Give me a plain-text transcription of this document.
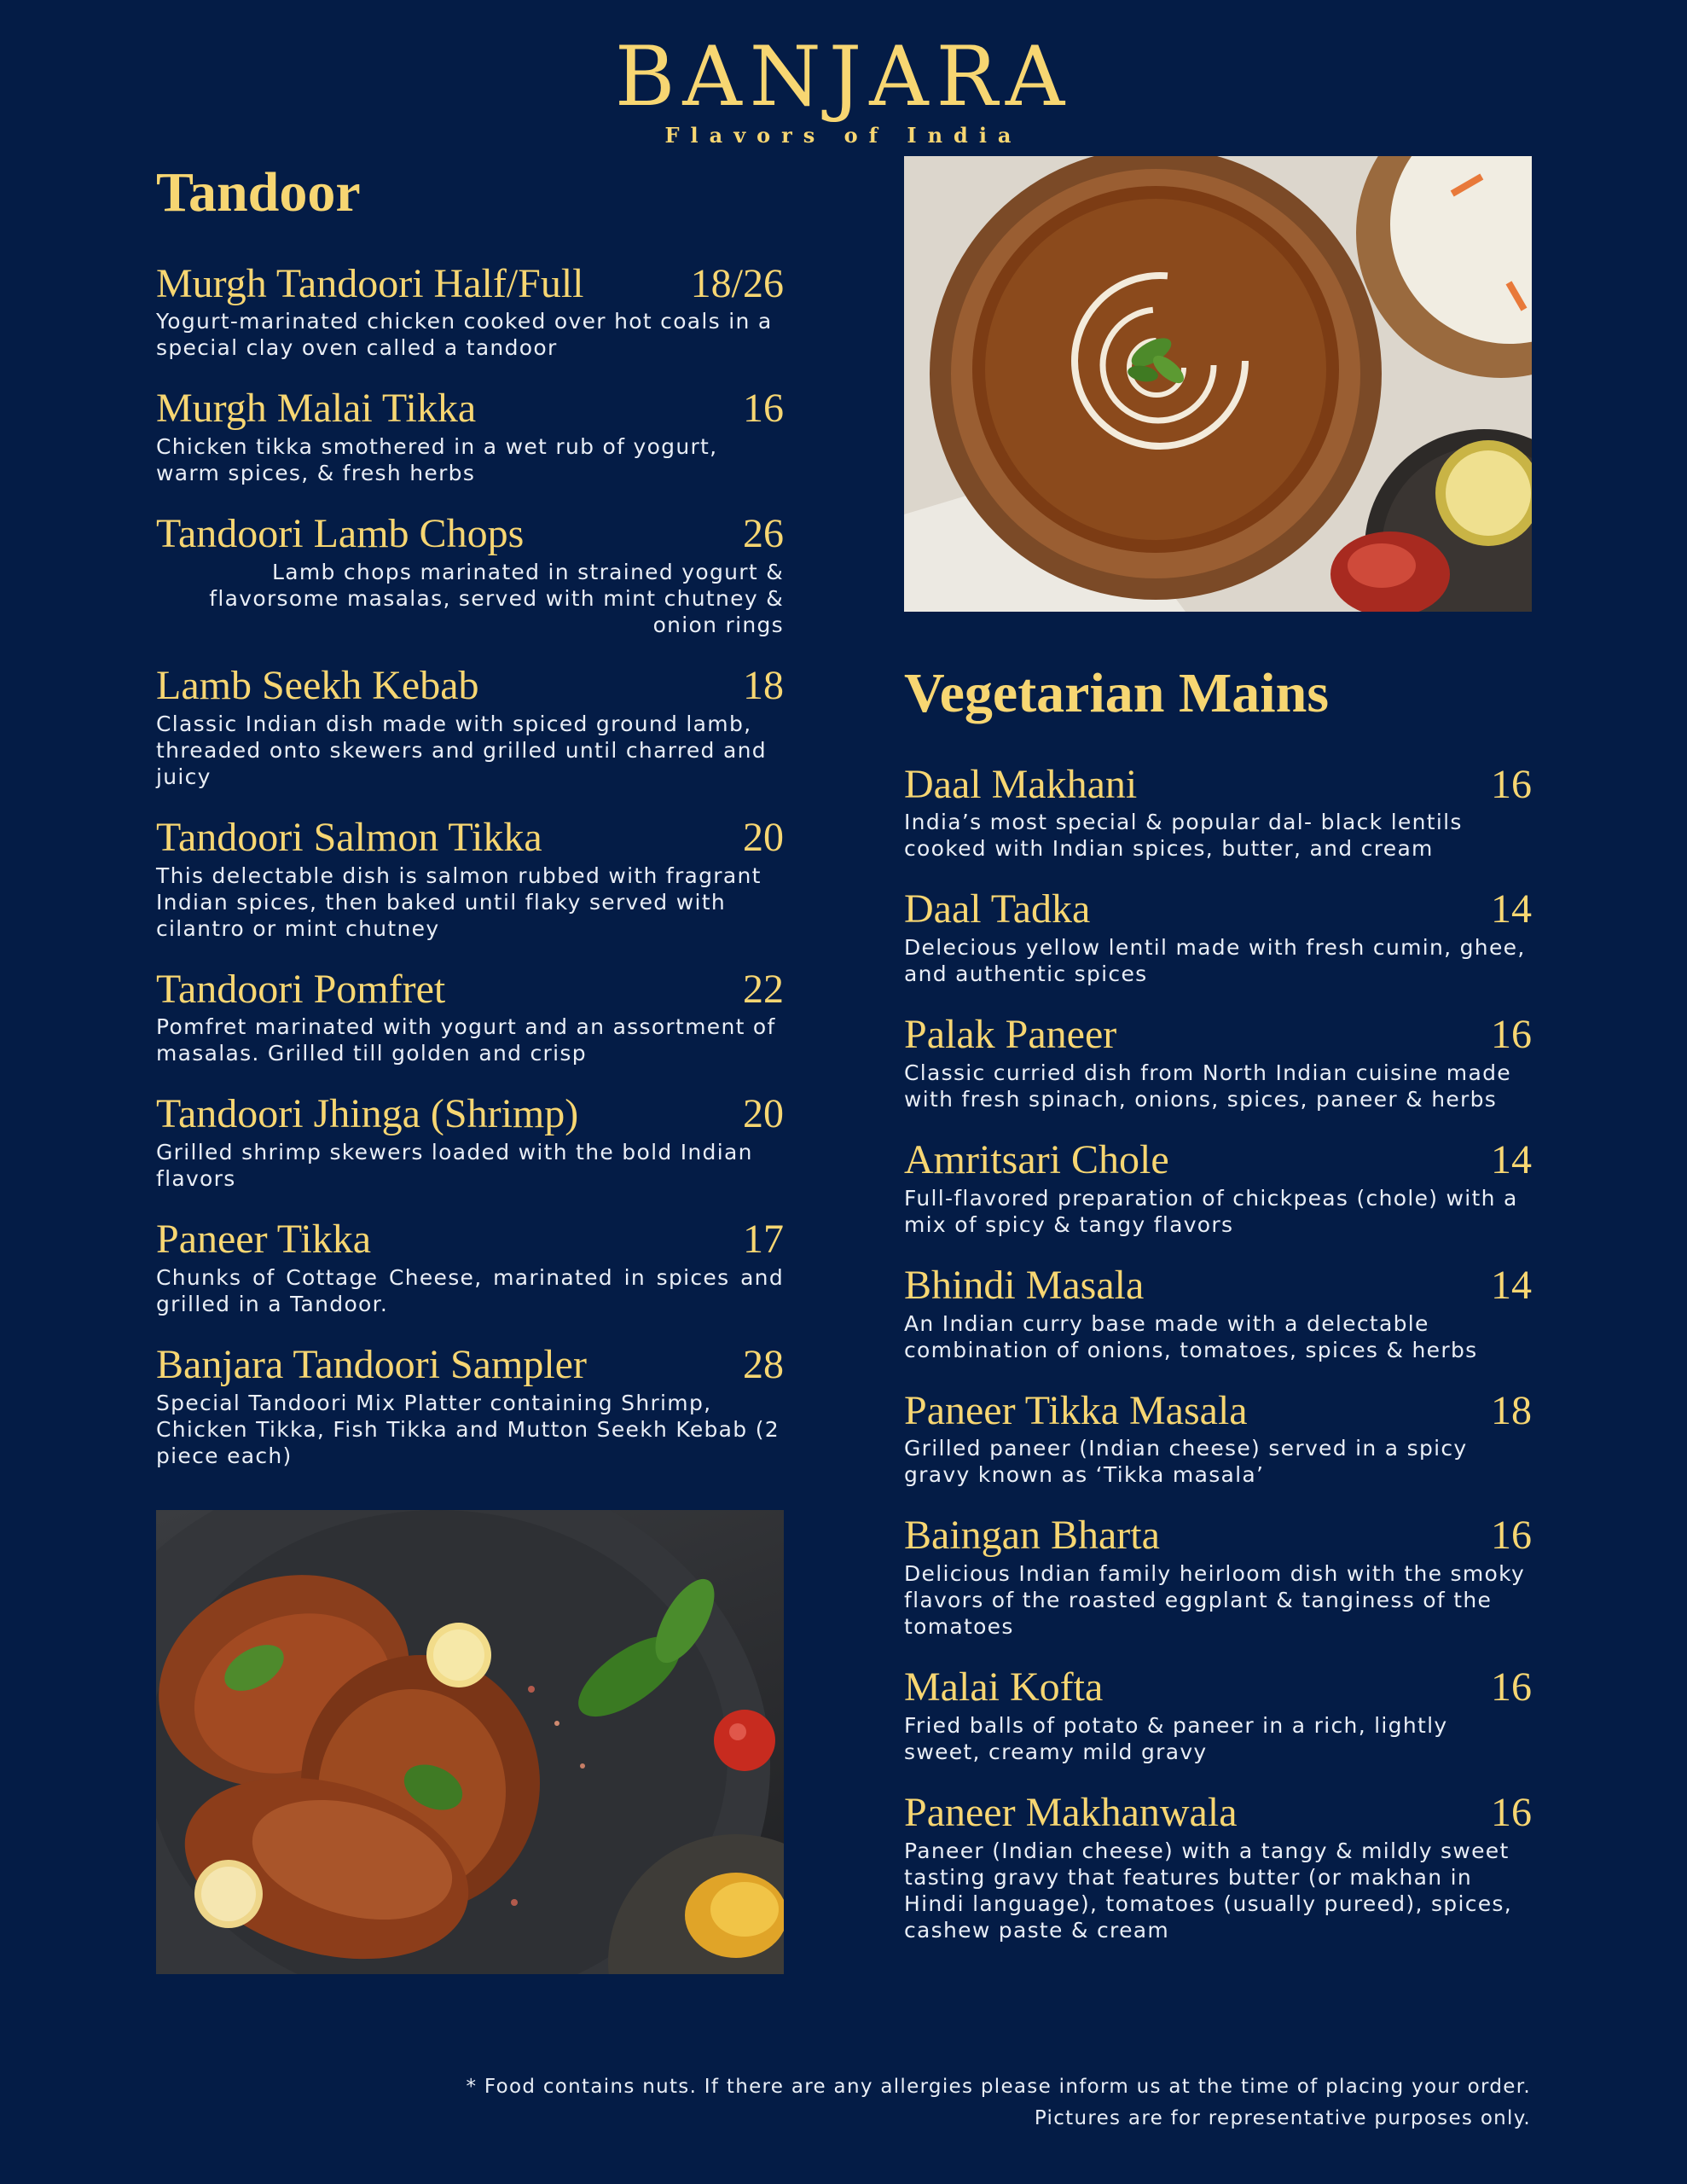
BANJARA
Flavors of India
Tandoor
Murgh Tandoori Half/Full	18/26
Yogurt-marinated chicken cooked over hot coals in a special clay oven called a tandoor
Murgh Malai Tikka	16
Chicken tikka smothered in a wet rub of yogurt, warm spices, & fresh herbs
Tandoori Lamb Chops	26
Lamb chops marinated in strained yogurt & flavorsome masalas, served with mint chutney & onion rings
Lamb Seekh Kebab	18
Classic Indian dish made with spiced ground lamb, threaded onto skewers and grilled until charred and juicy
Tandoori Salmon Tikka	20
This delectable dish is salmon rubbed with fragrant Indian spices, then baked until flaky served with cilantro or mint chutney
Tandoori Pomfret	22
Pomfret marinated with yogurt and an assortment of masalas. Grilled till golden and crisp
Tandoori Jhinga (Shrimp)	20
Grilled shrimp skewers loaded with the bold Indian flavors
Paneer Tikka	17
Chunks of Cottage Cheese, marinated in spices and grilled in a Tandoor.
Banjara Tandoori Sampler	28
Special Tandoori Mix Platter containing Shrimp, Chicken Tikka, Fish Tikka and Mutton Seekh Kebab (2 piece each)
Vegetarian Mains
Daal Makhani	16
India’s most special & popular dal- black lentils cooked with Indian spices, butter, and cream
Daal Tadka	14
Delecious yellow lentil made with fresh cumin, ghee, and authentic spices
Palak Paneer	16
Classic curried dish from North Indian cuisine made with fresh spinach, onions, spices, paneer & herbs
Amritsari Chole	14
Full-flavored preparation of chickpeas (chole) with a mix of spicy & tangy flavors
Bhindi Masala	14
An Indian curry base made with a delectable combination of onions, tomatoes, spices & herbs
Paneer Tikka Masala	18
Grilled paneer (Indian cheese) served in a spicy gravy known as ‘Tikka masala’
Baingan Bharta	16
Delicious Indian family heirloom dish with the smoky flavors of the roasted eggplant & tanginess of the tomatoes
Malai Kofta	16
Fried balls of potato & paneer in a rich, lightly sweet, creamy mild gravy
Paneer Makhanwala	16
Paneer (Indian cheese) with a tangy & mildly sweet tasting gravy that features butter (or makhan in Hindi language), tomatoes (usually pureed), spices, cashew paste & cream
* Food contains nuts. If there are any allergies please inform us at the time of placing your order.
Pictures are for representative purposes only.
